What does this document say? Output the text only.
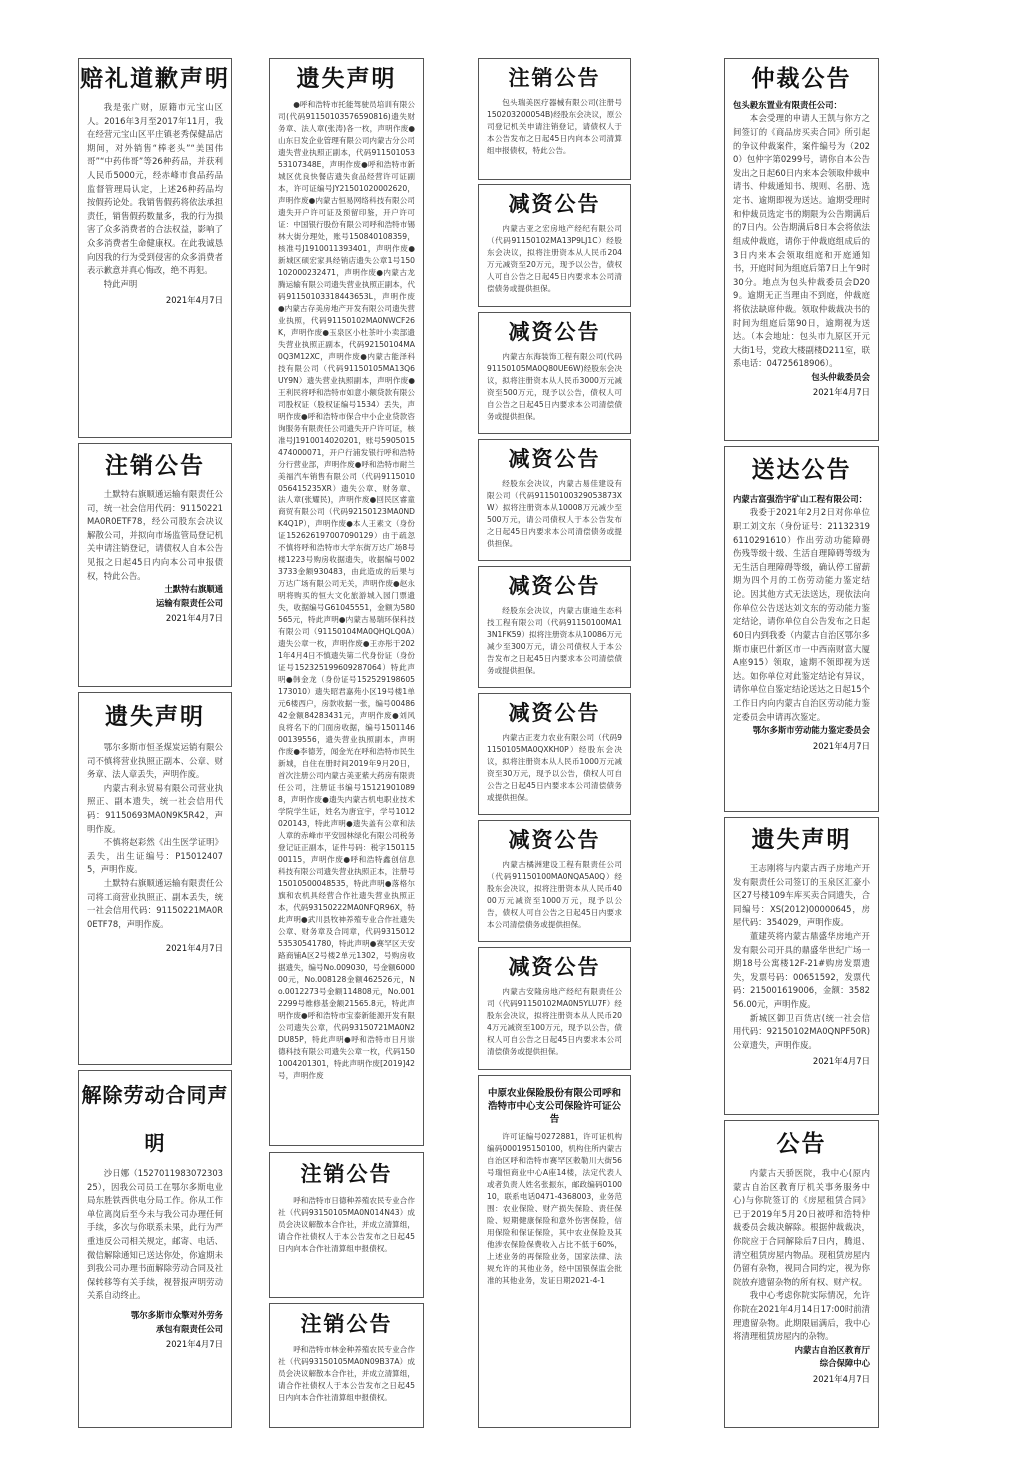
赔礼道歉声明

我是张广财，原籍市元宝山区人。2016年3月至2017年11月，我在经营元宝山区平庄镇老秀保健品店期间，对外销售“棒老头”“美国伟哥”“中药伟哥”等26种药品，并获利人民币5000元，经赤峰市食品药品监督管理局认定，上述26种药品均按假药论处。我销售假药将依法承担责任，销售假药数量多，我的行为损害了众多消费者的合法权益，影响了众多消费者生命健康权。在此我诚恳向因我的行为受到侵害的众多消费者表示歉意并真心悔改，绝不再犯。

特此声明

2021年4月7日
注销公告

土默特右旗顺通运输有限责任公司，统一社会信用代码：91150221MA0R0ETF78，经公司股东会决议解散公司，并拟向市场监管局登记机关申请注销登记，请债权人自本公告见报之日起45日内向本公司申报债权，特此公告。

土默特右旗顺通
运输有限责任公司
2021年4月7日
遗失声明

鄂尔多斯市恒圣煤炭运销有限公司不慎将营业执照正副本、公章、财务章、法人章丢失，声明作废。

内蒙古利永贸易有限公司营业执照正、副本遗失，统一社会信用代码：91150693MA0N9K5R42，声明作废。

不慎将赵彩然《出生医学证明》丢失，出生证编号：P150124075，声明作废。

土默特右旗顺通运输有限责任公司将工商营业执照正、副本丢失，统一社会信用代码：91150221MA0R0ETF78，声明作废。

2021年4月7日
解除劳动合同声明

沙日娜（152701198307230325），因我公司员工在鄂尔多斯电业局东胜铁西供电分局工作。你从工作单位离岗后至今未与我公司办理任何手续，多次与你联系未果，此行为严重违反公司相关规定，邮寄、电话、微信解除通知已送达你处，你逾期未到我公司办理书面解除劳动合同及社保转移等有关手续，视替报声明劳动关系自动终止。

鄂尔多斯市众擎对外劳务
承包有限责任公司
2021年4月7日
遗失声明

●呼和浩特市托能驾驶员培训有限公司(代码91150103576590816)遗失财务章、法人章(张涛)各一枚，声明作废●山东日发企业管理有限公司内蒙古分公司遗失营业执照正副本，代码91150105353107348E，声明作废●呼和浩特市新城区优良快餐店遗失食品经营许可证副本，许可证编号JY21501020002620，声明作废●内蒙古恒易网络科技有限公司遗失开户许可证及预留印鉴，开户许可证：中国银行股份有限公司呼和浩特市锡林大街分理处，账号150840108359，核准号J1910011393401，声明作废●新城区硕宏家具经销店遗失公章1号150102000232471，声明作废●内蒙古龙腾运输有限公司遗失营业执照正副本，代码91150103318443653L，声明作废●内蒙古存美房地产开发有限公司遗失营业执照，代码91150102MA0NWCF26K，声明作废●玉泉区小杜茶叶小卖部遗失营业执照正副本，代码92150104MA0Q3M12XC，声明作废●内蒙古能泽科技有限公司（代码91150105MA13Q6UY9N）遗失营业执照副本，声明作废●王利民将呼和浩特市如意小额贷款有限公司股权证（股权证编号1534）丢失，声明作废●呼和浩特市保合中小企业贷款咨询服务有限责任公司遗失开户许可证，核准号J1910014020201，账号5905015474000071，开户行浦发银行呼和浩特分行营业部，声明作废●呼和浩特市耐兰美福汽车销售有限公司（代码9115010056415235XR）遗失公章、财务章、法人章(张耀民)，声明作废●回民区睿童商贸有限公司（代码92150123MA0NDK4Q1P），声明作废●本人王素文（身份证152626197007090129）由于疏忽不慎将呼和浩特市大学东街万达广场8号楼1223号购房收据遗失，收据编号0023733金额930483，由此造成的后果与万达广场有限公司无关，声明作废●赵永明将购买的恒大文化旅游城入园门票遗失，收据编号G61045551，金额为580565元，特此声明●内蒙古易瑞环保科技有限公司（91150104MA0QHQLQ0A）遗失公章一枚，声明作废●王亦彤于2021年4月4日不慎遗失第二代身份证（身份证号152325199609287064）特此声明●韩金龙（身份证号152529198605173010）遗失昭君嘉苑小区19号楼1单元6楼西户，房款收据一张，编号0048642金额84283431元，声明作废●刘风良将名下的门面房收据，编号150114600139556，遗失营业执照副本，声明作废●李德芳，闻金光在呼和浩特市民生新城，自住在册时间2019年9月20日，首次注册公司内蒙古美亚紫大药房有限责任公司，注册证书编号151219010898，声明作废●遗失内蒙古机电职业技术学院学生证，姓名为唐宜宇，学号1012020143，特此声明●遗失盖有公章和法人章的赤峰市平安园林绿化有限公司税务登记证正副本，证件号码：税字15011500115，声明作废●呼和浩特鑫创信息科技有限公司遗失营业执照正本，注册号15010500048535，特此声明●落格尔旗和农机具经营合作社遗失营业执照正本，代码93150222MA0NFQR96X，特此声明●武川县牧神养殖专业合作社遗失公章、财务章及合同章，代码931501253530541780，特此声明●赛罕区天安路商铺A区2号楼2单元1302，号购房收据遗失，编号No.009030，号金额600000元，No.008128金额462526元，No.0012273号金额114808元，No.0012299号维修基金额21565.8元，特此声明作废●呼和浩特市宝泰新能源开发有限公司遗失公章，代码93150721MA0N2DU85P，特此声明●呼和浩特市日月崇德科技有限公司遗失公章一枚，代码1501004201301，特此声明作废[2019]42号，声明作废

注销公告

呼和浩特市日德种养殖农民专业合作社（代码93150105MA0N014N43）成员会决议解散本合作社，并成立清算组，请合作社债权人于本公告发布之日起45日内向本合作社清算组申报债权。

注销公告

呼和浩特市林金种养殖农民专业合作社（代码93150105MA0N09B37A）成员会决议解散本合作社，并成立清算组，请合作社债权人于本公告发布之日起45日内向本合作社清算组申报债权。

注销公告

包头瑞美医疗器械有限公司(注册号150203200054B)经股东会决议，原公司登记机关申请注销登记，请债权人于本公告发布之日起45日内向本公司清算组申报债权，特此公告。

减资公告

内蒙古亚之宏房地产经纪有限公司（代码91150102MA13P9LJ1C）经股东会决议，拟将注册资本从人民币204万元减资至20万元，现予以公告，债权人可自公告之日起45日内要求本公司清偿债务或提供担保。

减资公告

内蒙古东海装饰工程有限公司(代码91150105MA0Q80UE6W)经股东会决议，拟将注册资本从人民币3000万元减资至500万元，现予以公告，债权人可自公告之日起45日内要求本公司清偿债务或提供担保。

减资公告

经股东会决议，内蒙古易佳建设有限公司（代码91150100329053873XW）拟将注册资本从10008万元减少至500万元，请公司债权人于本公告发布之日起45日内要求本公司清偿债务或提供担保。

减资公告

经股东会决议，内蒙古康迪生态科技工程有限公司（代码91150100MA13N1FK59）拟将注册资本从10086万元减少至300万元，请公司债权人于本公告发布之日起45日内要求本公司清偿债务或提供担保。

减资公告

内蒙古正麦力农业有限公司（代码91150105MA0QXKH0P）经股东会决议，拟将注册资本从人民币1000万元减资至30万元，现予以公告，债权人可自公告之日起45日内要求本公司清偿债务或提供担保。

减资公告

内蒙古橘洲建设工程有限责任公司（代码91150100MA0NQA5A0Q）经股东会决议，拟将注册资本从人民币4000万元减资至1000万元，现予以公告，债权人可自公告之日起45日内要求本公司清偿债务或提供担保。

减资公告

内蒙古安隆房地产经纪有限责任公司（代码91150102MA0N5YLU7F）经股东会决议，拟将注册资本从人民币204万元减资至100万元，现予以公告，债权人可自公告之日起45日内要求本公司清偿债务或提供担保。

中原农业保险股份有限公司呼和浩特市中心支公司保险许可证公告

许可证编号0272881，许可证机构编码000195150100，机构住所内蒙古自治区呼和浩特市赛罕区敕勒川大街56号瑞恒商业中心A座14楼，法定代表人或者负责人姓名张振东，邮政编码010010，联系电话0471-4368003，业务范围：农业保险、财产损失保险、责任保险、短期健康保险和意外伤害保险，信用保险和保证保险，其中农业保险及其他涉农保险保费收入占比不低于60%，上述业务的再保险业务，国家法律、法规允许的其他业务，经中国银保监会批准的其他业务，发证日期2021-4-1

仲裁公告
包头毅东置业有限责任公司：

本会受理的申请人王凯与你方之间签订的《商品房买卖合同》所引起的争议仲裁案件，案件编号为（2020）包仲字第0299号，请你自本公告发出之日起60日内来本会领取仲裁申请书、仲裁通知书、规则、名册、选定书、逾期即视为送达。逾期受理时和仲裁员选定书的期限为公告期满后的7日内。公告期满后8日本会将依法组成仲裁庭，请你于仲裁庭组成后的3日内来本会领取组庭和开庭通知书，开庭时间为组庭后第7日上午9时30分。地点为包头仲裁委员会D209。逾期无正当理由不到庭，仲裁庭将依法缺席仲裁。领取仲裁裁决书的时间为组庭后第90日，逾期视为送达。（本会地址：包头市九原区开元大街1号，党政大楼副楼D211室，联系电话：04725618906）。

包头仲裁委员会
2021年4月7日
送达公告
内蒙古富强浩宇矿山工程有限公司：

我委于2021年2月2日对你单位职工刘文东（身份证号：211323196110291610）作出劳动功能障碍伤残等级十级、生活自理障碍等级为无生活自理障碍等级，确认停工留薪期为四个月的工伤劳动能力鉴定结论。因其他方式无法送达，现依法向你单位公告送达刘文东的劳动能力鉴定结论，请你单位自公告发布之日起60日内到我委（内蒙古自治区鄂尔多斯市康巴什新区市一中西南财富大厦A座915）领取，逾期不领即视为送达。如你单位对此鉴定结论有异议，请你单位自鉴定结论送达之日起15个工作日内向内蒙古自治区劳动能力鉴定委员会申请再次鉴定。

鄂尔多斯市劳动能力鉴定委员会
2021年4月7日
遗失声明

王志刚将与内蒙古西子房地产开发有限责任公司签订的玉泉区汇豪小区27号楼109车库买卖合同遗失，合同编号：XS(2012)00000645，房屋代码：354029，声明作废。

董建英将内蒙古鼎盛华房地产开发有限公司开具的鼎盛华世纪广场一期18号公寓楼12F-21#购房发票遗失，发票号码：00651592，发票代码：215001619006，金额：358256.00元，声明作废。

新城区御卫百货店(统一社会信用代码：92150102MA0QNPF50R)公章遗失，声明作废。

2021年4月7日
公告

内蒙古天骄医院，我中心(原内蒙古自治区教育厅机关事务服务中心)与你院签订的《房屋租赁合同》已于2019年5月20日被呼和浩特仲裁委员会裁决解除。根据仲裁裁决，你院应于合同解除后7日内，腾退、清空租赁房屋内物品。现租赁房屋内仍留有杂物，视同合同约定，视为你院放弃遗留杂物的所有权、财产权。

我中心考虑你院实际情况，允许你院在2021年4月14日17:00时前清理遗留杂物。此期限届满后，我中心将清理租赁房屋内的杂物。

内蒙古自治区教育厅
综合保障中心
2021年4月7日
